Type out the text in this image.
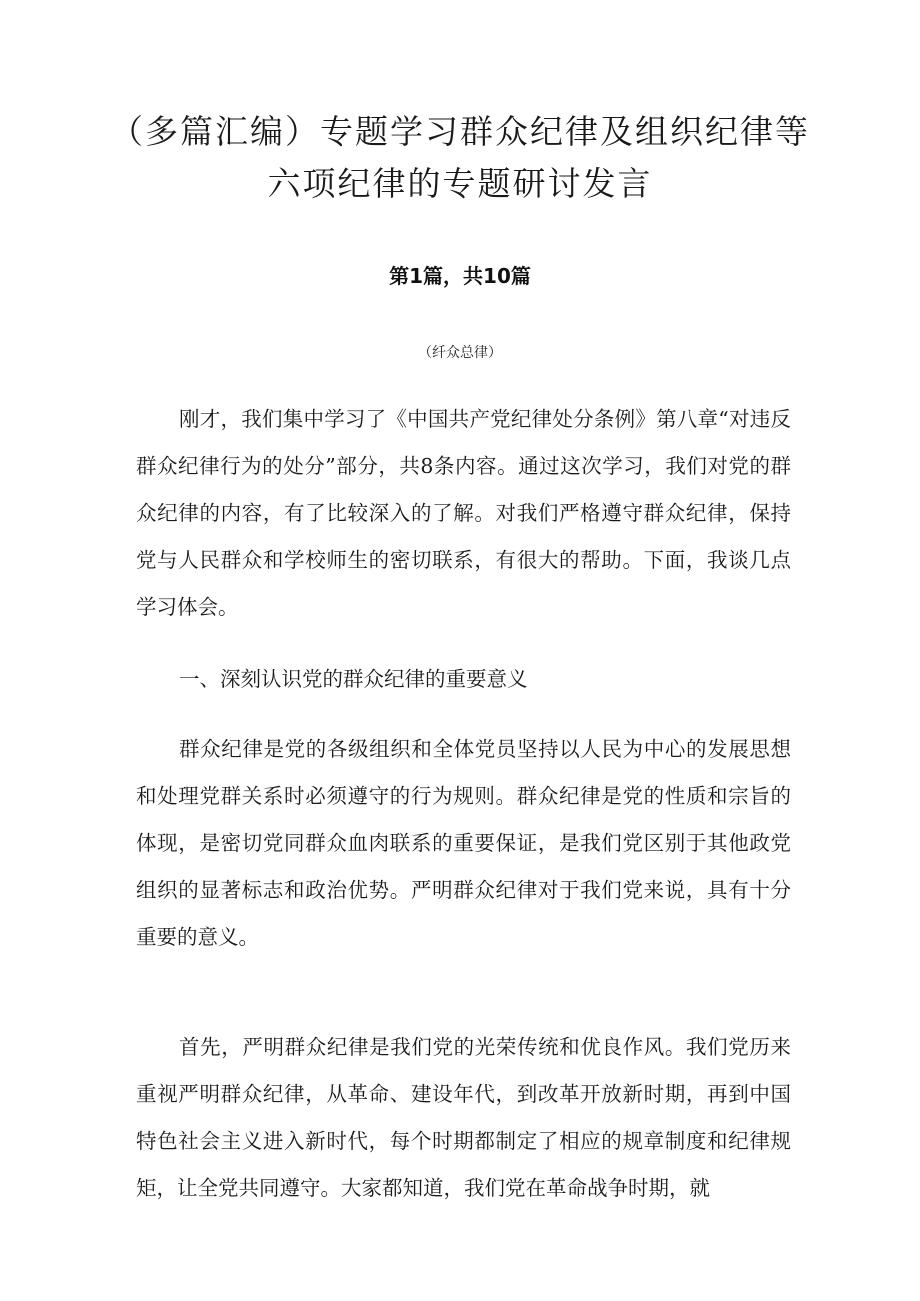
（多篇汇编）专题学习群众纪律及组织纪律等六项纪律的专题研讨发言
第1篇，共10篇
（纤众总律）

刚才，我们集中学习了《中国共产党纪律处分条例》第八章“对违反群众纪律行为的处分”部分，共8条内容。通过这次学习，我们对党的群众纪律的内容，有了比较深入的了解。对我们严格遵守群众纪律，保持党与人民群众和学校师生的密切联系，有很大的帮助。下面，我谈几点学习体会。

一、深刻认识党的群众纪律的重要意义

群众纪律是党的各级组织和全体党员坚持以人民为中心的发展思想和处理党群关系时必须遵守的行为规则。群众纪律是党的性质和宗旨的体现，是密切党同群众血肉联系的重要保证，是我们党区别于其他政党组织的显著标志和政治优势。严明群众纪律对于我们党来说，具有十分重要的意义。

首先，严明群众纪律是我们党的光荣传统和优良作风。我们党历来重视严明群众纪律，从革命、建设年代，到改革开放新时期，再到中国特色社会主义进入新时代，每个时期都制定了相应的规章制度和纪律规矩，让全党共同遵守。大家都知道，我们党在革命战争时期，就
